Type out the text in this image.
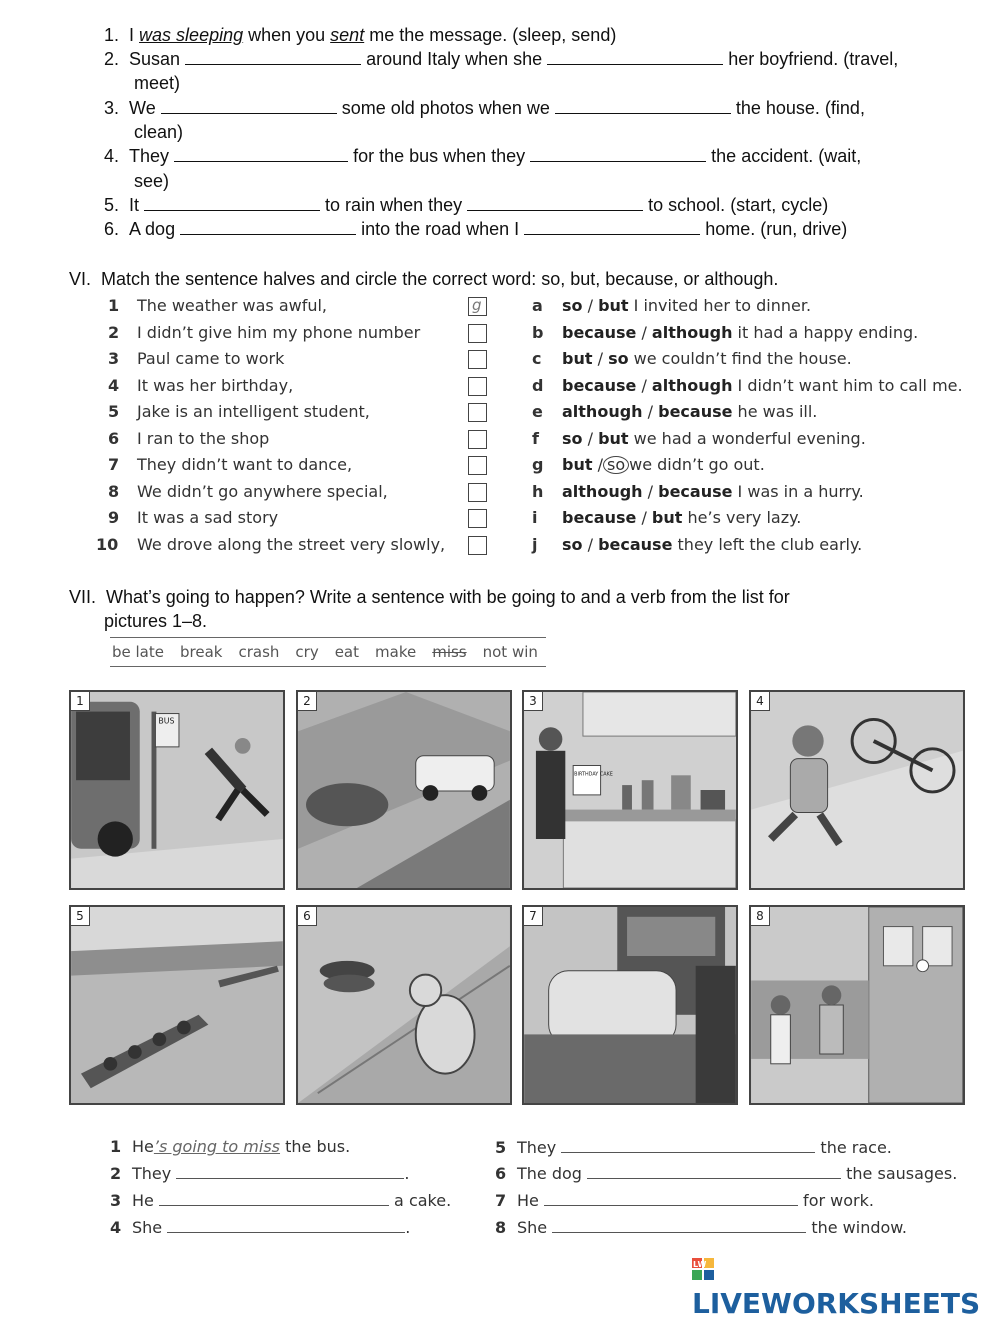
1. I was sleeping when you sent me the message. (sleep, send)
2. Susan	around Italy when she	her boyfriend. (travel,
meet)
3. We	some old photos when we	the house. (find,
clean)
4. They	for the bus when they	the accident. (wait,
see)
5. It	to rain when they	to school. (start, cycle)
6. A dog	into the road when I	home. (run, drive)
VI. Match the sentence halves and circle the correct word: so, but, because, or although.
1 The weather was awful,	g
2 I didn’t give him my phone number
3 Paul came to work
4 It was her birthday,
5 Jake is an intelligent student,
6 I ran to the shop
7 They didn’t want to dance,
8 We didn’t go anywhere special,
9 It was a sad story
10 We drove along the street very slowly,
a so / but I invited her to dinner.
b because / although it had a happy ending.
c but / so we couldn’t find the house.
d because / although I didn’t want him to call me.
e although / because he was ill.
f so / but we had a wonderful evening.
g but / so we didn’t go out.
h although / because I was in a hurry.
i because / but he’s very lazy.
j so / because they left the club early.
VII. What’s going to happen? Write a sentence with be going to and a verb from the list for
pictures 1–8.
be late break crash cry eat make miss not win
1
BUS
2	3
BIRTHDAY CAKE
4
5	6	7	8
1 He’s going to miss the bus.
2 They	.
3 He	a cake.
4 She	.
5 They	the race.
6 The dog	the sausages.
7 He	for work.
8 She	the window.
LW
LIVEWORKSHEETS
